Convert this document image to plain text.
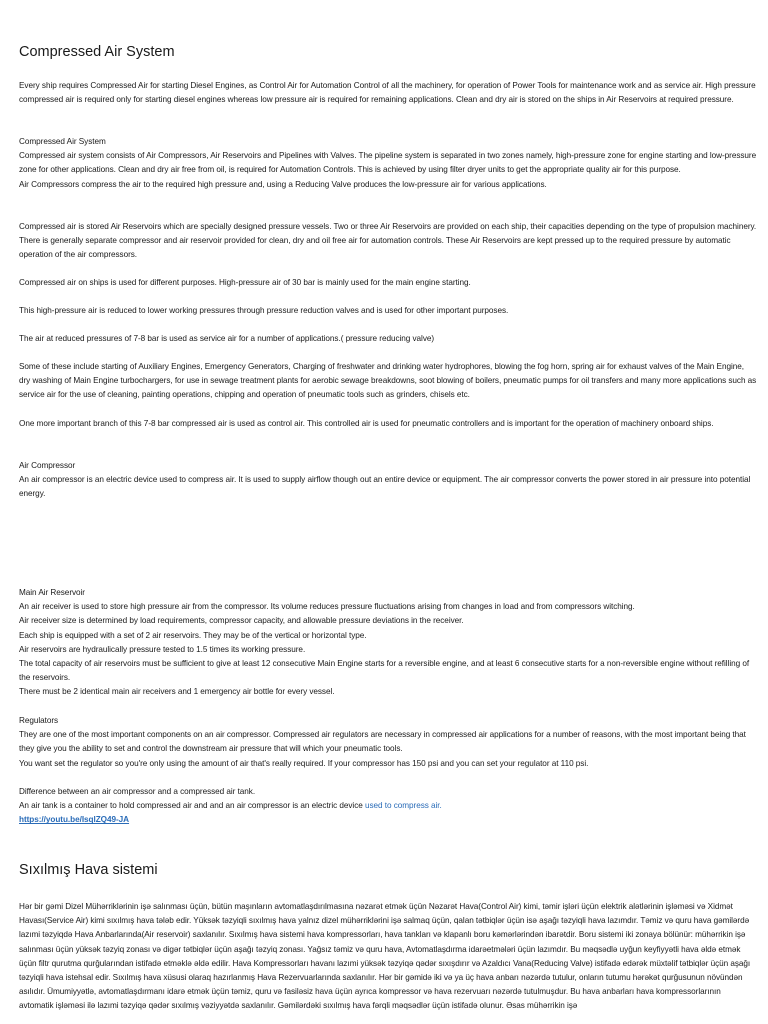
Compressed Air System

Every ship requires Compressed Air for starting Diesel Engines, as Control Air for Automation Control of all the machinery, for operation of Power Tools for maintenance work and as service air. High pressure compressed air is required only for starting diesel engines whereas low pressure air is required for remaining applications. Clean and dry air is stored on the ships in Air Reservoirs at required pressure.

Compressed Air System
Compressed air system consists of Air Compressors, Air Reservoirs and Pipelines with Valves. The pipeline system is separated in two zones namely, high-pressure zone for engine starting and low-pressure zone for other applications. Clean and dry air free from oil, is required for Automation Controls. This is achieved by using filter dryer units to get the appropriate quality air for this purpose.
Air Compressors compress the air to the required high pressure and, using a Reducing Valve produces the low-pressure air for various applications.

Compressed air is stored Air Reservoirs which are specially designed pressure vessels. Two or three Air Reservoirs are provided on each ship, their capacities depending on the type of propulsion machinery. There is generally separate compressor and air reservoir provided for clean, dry and oil free air for automation controls. These Air Reservoirs are kept pressed up to the required pressure by automatic operation of the air compressors.

Compressed air on ships is used for different purposes. High-pressure air of 30 bar is mainly used for the main engine starting.

This high-pressure air is reduced to lower working pressures through pressure reduction valves and is used for other important purposes.

The air at reduced pressures of 7-8 bar is used as service air for a number of applications.( pressure reducing valve)

Some of these include starting of Auxiliary Engines, Emergency Generators, Charging of freshwater and drinking water hydrophores, blowing the fog horn, spring air for exhaust valves of the Main Engine, dry washing of Main Engine turbochargers, for use in sewage treatment plants for aerobic sewage breakdowns, soot blowing of boilers, pneumatic pumps for oil transfers and many more applications such as service air for the use of cleaning, painting operations, chipping and operation of pneumatic tools such as grinders, chisels etc.

One more important branch of this 7-8 bar compressed air is used as control air. This controlled air is used for pneumatic controllers and is important for the operation of machinery onboard ships.

Air Compressor
An air compressor is an electric device used to compress air. It is used to supply airflow though out an entire device or equipment. The air compressor converts the power stored in air pressure into potential energy.
Main Air Reservoir
An air receiver is used to store high pressure air from the compressor. Its volume reduces pressure fluctuations arising from changes in load and from compressors witching.
Air receiver size is determined by load requirements, compressor capacity, and allowable pressure deviations in the receiver.
Each ship is equipped with a set of 2 air reservoirs. They may be of the vertical or horizontal type.
Air reservoirs are hydraulically pressure tested to 1.5 times its working pressure.
The total capacity of air reservoirs must be sufficient to give at least 12 consecutive Main Engine starts for a reversible engine, and at least 6 consecutive starts for a non-reversible engine without refilling of the reservoirs.
There must be 2 identical main air receivers and 1 emergency air bottle for every vessel.
Regulators
They are one of the most important components on an air compressor. Compressed air regulators are necessary in compressed air applications for a number of reasons, with the most important being that they give you the ability to set and control the downstream air pressure that will which your pneumatic tools.
You want set the regulator so you're only using the amount of air that's really required. If your compressor has 150 psi and you can set your regulator at 110 psi.
Difference between an air compressor and a compressed air tank.
An air tank is a container to hold compressed air and and an air compressor is an electric device used to compress air.
https://youtu.be/IsqlZQ49-JA
Sıxılmış Hava sistemi

Hər bir gəmi Dizel Mühərriklərinin işə salınması üçün, bütün maşınların avtomatlaşdırılmasına nəzarət etmək üçün Nəzarət Hava(Control Air) kimi, təmir işləri üçün elektrik alətlərinin işləməsi və Xidmət Havası(Service Air) kimi sıxılmış hava tələb edir. Yüksək təzyiqli sıxılmış hava yalnız dizel mühərriklərini işə salmaq üçün, qalan tətbiqlər üçün isə aşağı təzyiqli hava lazımdır. Təmiz və quru hava gəmilərdə lazımi təzyiqdə Hava Anbarlarında(Air reservoir) saxlanılır. Sıxılmış hava sistemi hava kompressorları, hava tankları və klapanlı boru kəmərlərindən ibarətdir. Boru sistemi iki zonaya bölünür: mühərrikin işə salınması üçün yüksək təzyiq zonası və digər tətbiqlər üçün aşağı təzyiq zonası. Yağsız təmiz və quru hava, Avtomatlaşdırma idarəetmələri üçün lazımdır. Bu məqsədlə uyğun keyfiyyətli hava əldə etmək üçün filtr qurutma qurğularından istifadə etməklə əldə edilir. Hava Kompressorları havanı lazımi yüksək təzyiqə qədər sıxışdırır və Azaldıcı Vana(Reducing Valve) istifadə edərək müxtəlif tətbiqlər üçün aşağı təzyiqli hava istehsal edir. Sıxılmış hava xüsusi olaraq hazırlanmış Hava Rezervuarlarında saxlanılır. Hər bir gəmidə iki və ya üç hava anbarı nəzərdə tutulur, onların tutumu hərəkət qurğusunun növündən asılıdır. Ümumiyyətlə, avtomatlaşdırmanı idarə etmək üçün təmiz, quru və fasiləsiz hava üçün ayrıca kompressor və hava rezervuarı nəzərdə tutulmuşdur. Bu hava anbarları hava kompressorlarının avtomatik işləməsi ilə lazımi təzyiqə qədər sıxılmış vəziyyətdə saxlanılır. Gəmilərdəki sıxılmış hava fərqli məqsədlər üçün istifadə olunur. Əsas mühərrikin işə
